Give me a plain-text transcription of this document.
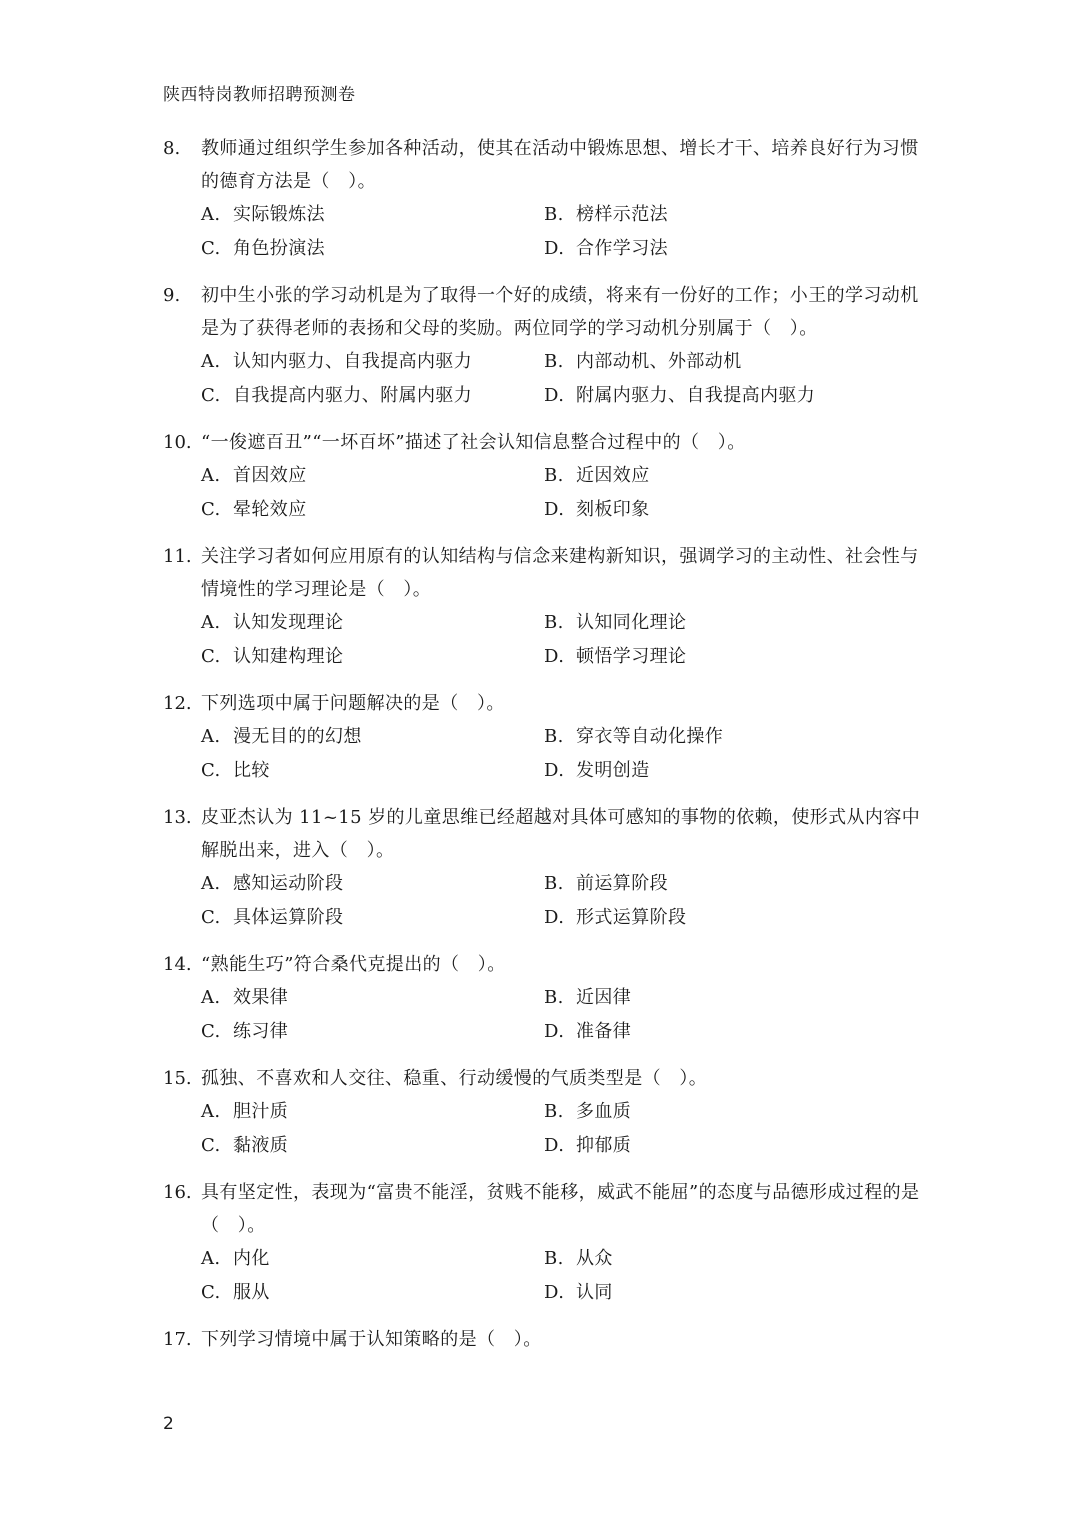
陕西特岗教师招聘预测卷
8.	教师通过组织学生参加各种活动，使其在活动中锻炼思想、增长才干、培养良好行为习惯的德育方法是（　）。
A. 实际锻炼法	B. 榜样示范法
C. 角色扮演法	D. 合作学习法
9.	初中生小张的学习动机是为了取得一个好的成绩，将来有一份好的工作；小王的学习动机是为了获得老师的表扬和父母的奖励。两位同学的学习动机分别属于（　）。
A. 认知内驱力、自我提高内驱力	B. 内部动机、外部动机
C. 自我提高内驱力、附属内驱力	D. 附属内驱力、自我提高内驱力
10. “一俊遮百丑”“一坏百坏”描述了社会认知信息整合过程中的（　）。
A. 首因效应	B. 近因效应
C. 晕轮效应	D. 刻板印象
11. 关注学习者如何应用原有的认知结构与信念来建构新知识，强调学习的主动性、社会性与情境性的学习理论是（　）。
A. 认知发现理论	B. 认知同化理论
C. 认知建构理论	D. 顿悟学习理论
12. 下列选项中属于问题解决的是（　）。
A. 漫无目的的幻想	B. 穿衣等自动化操作
C. 比较	D. 发明创造
13. 皮亚杰认为 11~15 岁的儿童思维已经超越对具体可感知的事物的依赖，使形式从内容中解脱出来，进入（　）。
A. 感知运动阶段	B. 前运算阶段
C. 具体运算阶段	D. 形式运算阶段
14. “熟能生巧”符合桑代克提出的（　）。
A. 效果律	B. 近因律
C. 练习律	D. 准备律
15. 孤独、不喜欢和人交往、稳重、行动缓慢的气质类型是（　）。
A. 胆汁质	B. 多血质
C. 黏液质	D. 抑郁质
16. 具有坚定性，表现为“富贵不能淫，贫贱不能移，威武不能屈”的态度与品德形成过程的是（　）。
A. 内化	B. 从众
C. 服从	D. 认同
17. 下列学习情境中属于认知策略的是（　）。
2
